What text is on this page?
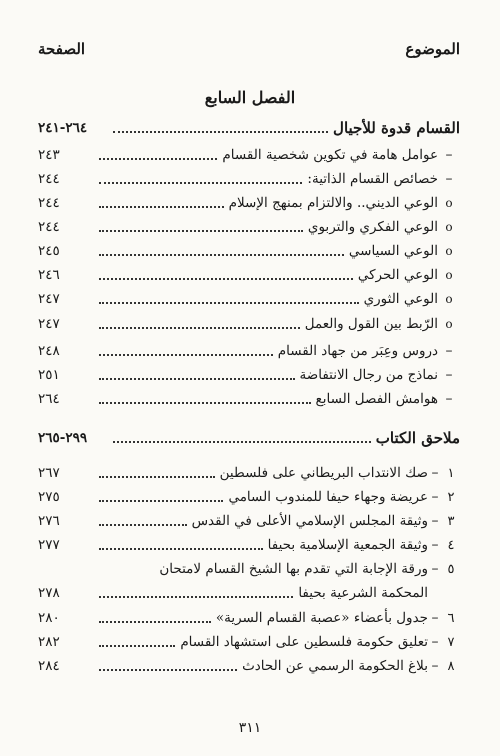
الموضوع
الصفحة
الفصل السابع
القسام قدوة للأجيال
٢٦٤-٢٤١
–
عوامل هامة في تكوين شخصية القسام
٢٤٣
–
خصائص القسام الذاتية:
٢٤٤
o
الوعي الديني.. والالتزام بمنهج الإسلام
٢٤٤
o
الوعي الفكري والتربوي
٢٤٤
o
الوعي السياسي
٢٤٥
o
الوعي الحركي
٢٤٦
o
الوعي الثوري
٢٤٧
o
الرّبط بين القول والعمل
٢٤٧
–
دروس وعِبَر من جهاد القسام
٢٤٨
–
نماذج من رجال الانتفاضة
٢٥١
–
هوامش الفصل السابع
٢٦٤
ملاحق الكتاب
٢٩٩-٢٦٥
١
–
صك الانتداب البريطاني على فلسطين
٢٦٧
٢
–
عريضة وجهاء حيفا للمندوب السامي
٢٧٥
٣
–
وثيقة المجلس الإسلامي الأعلى في القدس
٢٧٦
٤
–
وثيقة الجمعية الإسلامية بحيفا
٢٧٧
٥
–
ورقة الإجابة التي تقدم بها الشيخ القسام لامتحان
المحكمة الشرعية بحيفا
٢٧٨
٦
–
جدول بأعضاء «عصبة القسام السرية»
٢٨٠
٧
–
تعليق حكومة فلسطين على استشهاد القسام
٢٨٢
٨
–
بلاغ الحكومة الرسمي عن الحادث
٢٨٤
٣١١
